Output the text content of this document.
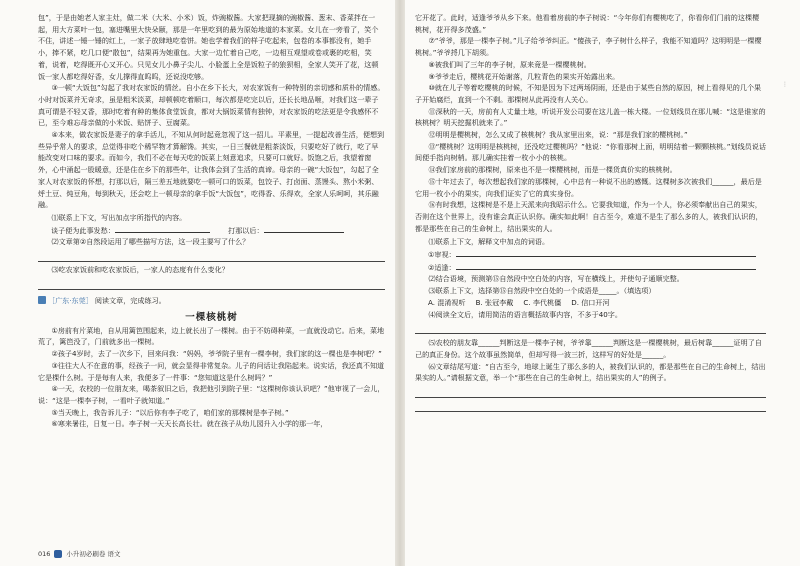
包”，于是由她老人家主灶，做二米（大米、小米）饭，炸豌椒酱。大家把现摘的豌椒酱、葱末、香菜拌在一起，用大方菜叶一包，塞进嘴里大快朵颐，那是一年里吃到的最为原始地道的本家菜。女儿在一旁看了，笑个不住，讲述一锤一锤的红上，一家子放肆地吃卷饼。她也学着我们的样子吃起来，包卷的本事都没有，她手小，捧不紧，吃几口便“散包”，结果再为她重包。大家一边忙着自己吃，一边相互观望或卷或裹的吃相，笑着，说着，吃得既开心又开心。只见女儿小鼻子尖儿、小脸蛋上全是饭粒子的狼狈相，全家人笑开了花，这顿饭一家人都吃得好香，女儿撑得直呜呜，还说没吃够。

③一顿“大饭包”勾起了我对农家饭的情丝。自小在乡下长大，对农家饭有一种特别的亲切感和质朴的情感。小时对饭菜并无奇求，虽是粗米淡菜，却顿顿吃着顺口，每次都是吃完以后，还长长地品咂，对我们这一辈子真可谓是不轻又香，那时吃着有种的集体食堂饭食，都对大锅饭菜情有独钟，对农家饭的吃法更是令我感怀不已，至今难忘母亲做的小米饭、贴饼子、豆腐菜。

④本来，做农家饭是妻子的拿手活儿，不知从何时起竟忽视了这一招儿。平素里，一提起改善生活，便想到些异乎常人的要求，总觉得非吃个稀罕物才算解馋。其实，一日三餐就是粗茶淡饭，只要吃好了就行，吃了早能改变对口味的要求。而如今，我们不必在每天吃的饭菜上刻意追求，只要可口就好。饭饱之后，我望着窗外，心中涌起一股暖意，还是住在乡下的那些年，让我体会到了生活的真谛。母亲的一碗“大饭包”，勾起了全家人对农家饭的怀想，打那以后，隔三差五地就要吃一顿可口的饭菜，包饺子、打卤面、蒸馒头、熬小米粥、烀土豆、炖豆角，每到秋天，还会吃上一顿母亲的拿手饭“大饭包”，吃得香、乐得欢，全家人乐呵呵，其乐融融。

⑴联系上下文，写出加点字所指代的内容。

谈子便为此事发愁：	打那以后：

⑵文章第②自然段运用了哪些描写方法，这一段主要写了什么？

⑶吃农家饭前和吃农家饭后，一家人的态度有什么变化？

［广东·东莞］ 阅读文章，完成练习。
一棵核桃树

①房前有片菜地，自从用篱笆围起来，边上就长出了一棵树。由于不妨碍种菜，一直就没动它。后来，菜地荒了，篱笆没了，门前就多出一棵树。

②孩子4岁时，去了一次乡下，回来问我：“妈妈，爷爷院子里有一棵李树，我们家的这一棵也是李树吧？”

③往往大人不在意的事，经孩子一问，就会显得非常复杂。儿子的问话让我陷起来。说实话，我还真不知道它是棵什么树。于是每有人来，我便多了一件事：“您知道这是什么树吗？”

④一天，农校的一位朋友来，喝茶叙旧之后，我把他引到院子里：“这棵树你该认识吧？”他审视了一会儿，说：“这是一棵李子树，一看叶子就知道。”

⑤当天晚上，我告诉儿子：“以后你有李子吃了，咱们家的那棵树是李子树。”

⑥寒来暑往，日复一日。李子树一天天长高长壮。就在孩子从幼儿园升入小学的那一年，

016 小升初必刷卷 语文

它开花了。此时，适逢爷爷从乡下来。他看着房前的李子树说：“今年你们有樱桃吃了，你看你们门前的这棵樱桃树，花开得多茂盛。”

⑦“爷爷，那是一棵李子树。”儿子给爷爷纠正。“傻孩子，李子树什么样子，我能不知道吗？这明明是一棵樱桃树。”爷爷捋几下胡须。

⑧被我们叫了三年的李子树，原来竟是一棵樱桃树。

⑨爷爷走后，樱桃花开始谢落，几粒青色的果实开始露出来。

⑩就在儿子等着吃樱桃的时候，不知是因为下过两场阴雨，还是由于某些自然的原因，树上看得见的几个果子开始腐烂，直到一个不剩。那棵树从此再没有人关心。

⑪深秋的一天，房前有人丈量土地，听说开发公司要在这儿盖一栋大楼。一位划线员在那儿喊：“这是谁家的核桃树？明天挖掘机就来了。”

⑫明明是樱桃树，怎么又成了核桃树？我从家里出来，说：“那是我们家的樱桃树。”

⑬“樱桃树？这明明是核桃树，还没吃过樱桃吗？”他说：“你看那树上面，明明结着一颗颗核桃。”划线员说话间便手指向树梢。那儿确实挂着一枚小小的核桃。

⑭我们家房前的那棵树，原来也不是一棵樱桃树，而是一棵货真价实的核桃树。

⑮十年过去了，每次想起我们家的那棵树，心中总有一种说不出的感慨。这棵树多次被我们______，最后是它用一枚小小的果实，向我们证实了它的真实身份。

⑯有时我想，这棵树是不是上天派来向我昭示什么。它要我知道，作为一个人，你必须奉献出自己的果实，否则在这个世界上，没有谁会真正认识你。确实如此啊！自古至今，难道不是生了那么多的人，被我们认识的，都是那些在自己的生命树上，结出果实的人。

⑴联系上下文，解释文中加点的词语。

①审视：

②适逢：

⑵结合语境，预测第⑮自然段中空白处的内容，写在横线上，并使句子通顺完整。

⑶联系上下文，选择第⑮自然段中空白处的一个成语是_____。（填选项）

A. 混淆视听 B. 张冠李戴 C. 李代桃僵 D. 信口开河

⑷阅读全文后，请用简洁的语言概括故事内容，不多于40字。

⑸农校的朋友靠______判断这是一棵李子树，爷爷靠______判断这是一棵樱桃树，最后树靠______证明了自己的真正身份。这个故事虽然简单，但却写得一波三折，这样写的好处是______。

⑹文章结尾写道：“自古至今，地球上诞生了那么多的人，被我们认识的，都是那些在自己的生命树上，结出果实的人。”请根据文意，举一个“那些在自己的生命树上，结出果实的人”的例子。

⋮
